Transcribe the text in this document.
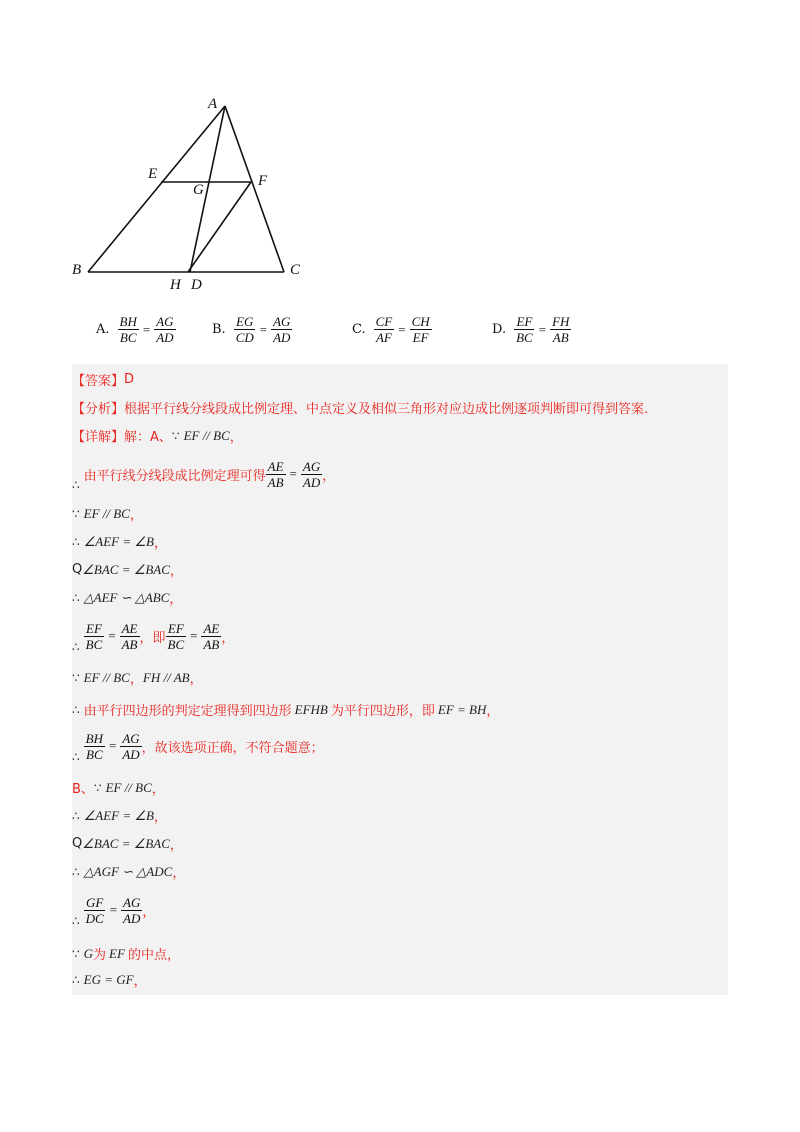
A
E
G
F
B
H D
C
A. $\frac{BH}{BC} = \frac{AG}{AD}$	B. $\frac{EG}{CD} = \frac{AG}{AD}$	C. $\frac{CF}{AF} = \frac{CH}{EF}$	D. $\frac{EF}{BC} = \frac{FH}{AB}$
【答案】 D
【分析】 根据平行线分线段成比例定理、中点定义及相似三角形对应边成比例逐项判断即可得到答案.
【详解】 解：A、 ∵ EF // BC ，
∴
由平行线分线段成比例定理可得 $\frac{AE}{AB} = \frac{AG}{AD}$ ，
∵ EF // BC ，
∴ ∠AEF = ∠B ，
Q ∠BAC = ∠BAC ，
∴ △AEF ∽ △ABC ，
∴ $\frac{EF}{BC} = \frac{AE}{AB}$ ，即 $\frac{EF}{BC} = \frac{AE}{AB}$ ，
∵ EF // BC ， FH // AB ，
∴ 由平行四边形的判定定理得到四边形 EFHB 为平行四边形，即 EF = BH ，
∴ $\frac{BH}{BC} = \frac{AG}{AD}$ ，故该选项正确，不符合题意；
B、 ∵ EF // BC ，
∴ ∠AEF = ∠B ，
Q ∠BAC = ∠BAC ，
∴ △AGF ∽ △ADC ，
∴ $\frac{GF}{DC} = \frac{AG}{AD}$ ，
∵ G 为 EF 的中点，
∴ EG = GF ，
